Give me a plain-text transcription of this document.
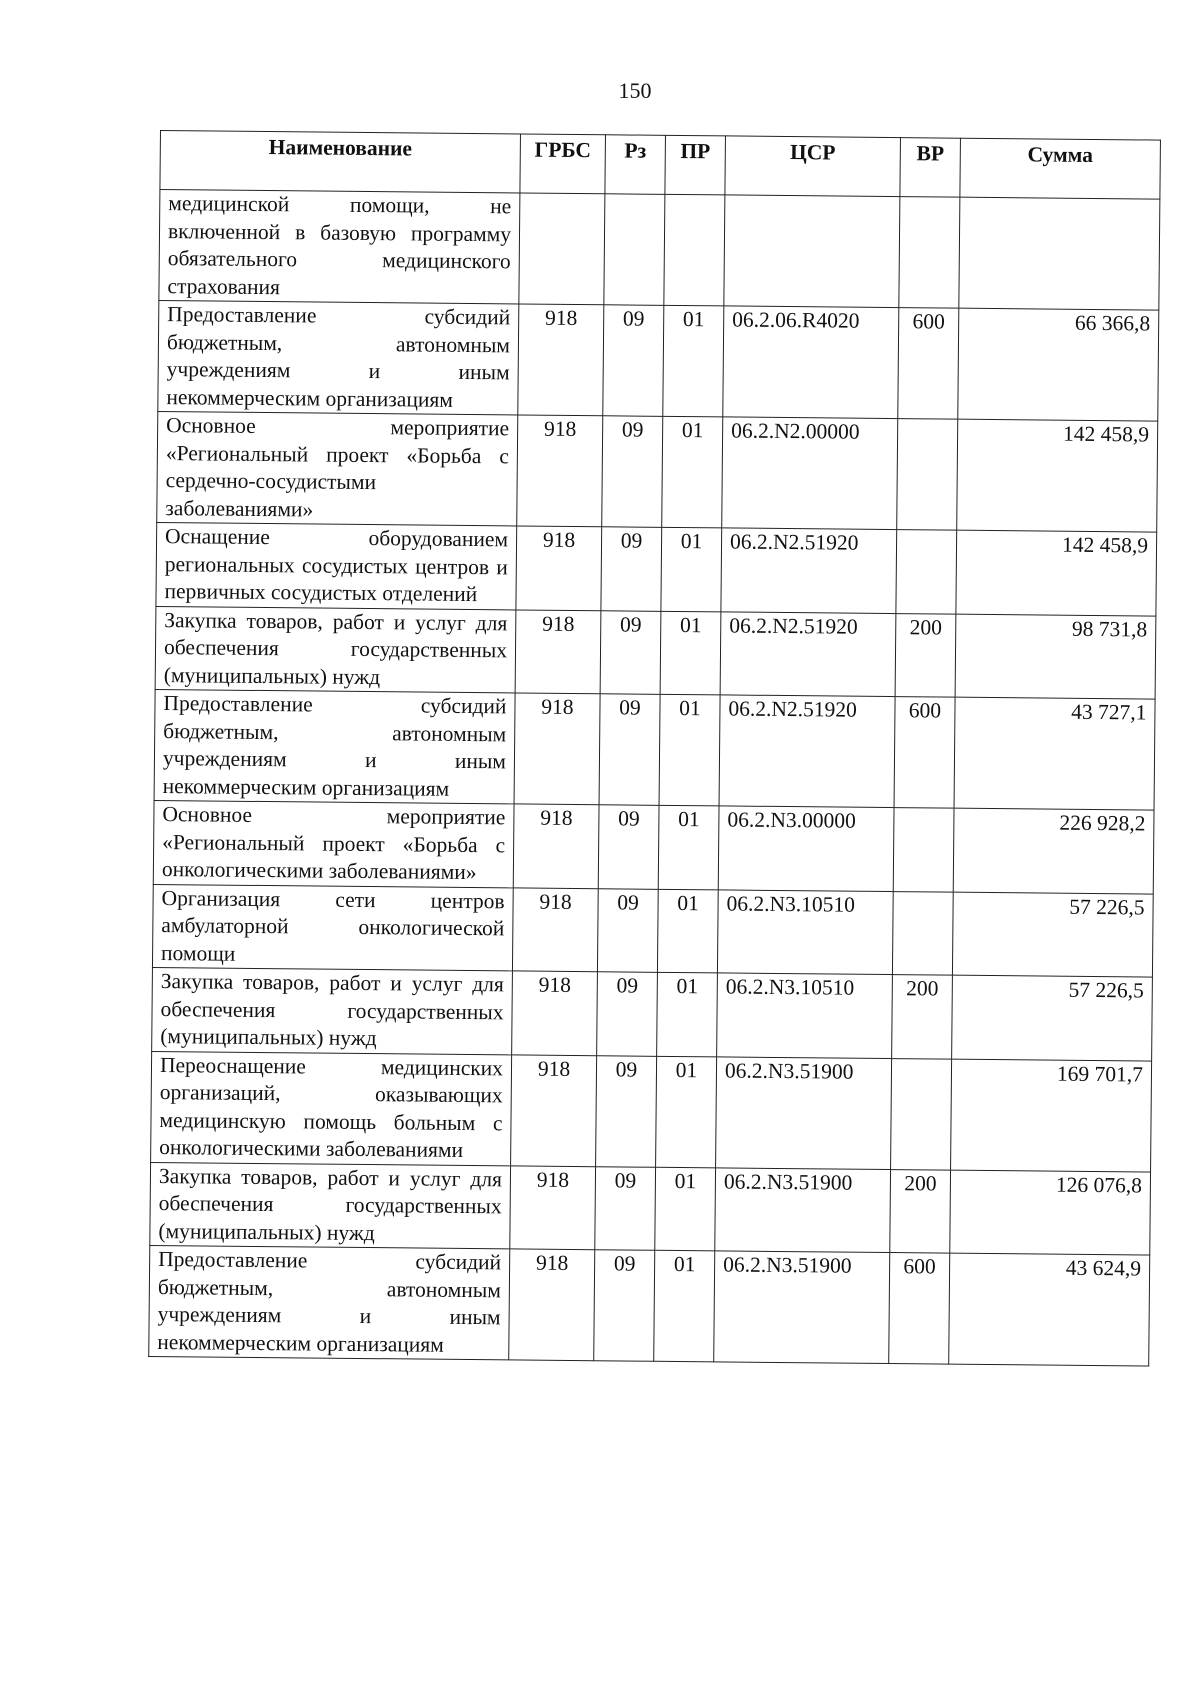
150
Наименование	ГРБС	Рз	ПР	ЦСР	ВР	Сумма
медицинской помощи, не включенной в базовую программу обязательного медицинского страхования						
Предоставление субсидий бюджетным, автономным учреждениям и иным некоммерческим организациям	918	09	01	06.2.06.R4020	600	66 366,8
Основное мероприятие «Региональный проект «Борьба с сердечно-сосудистыми заболеваниями»	918	09	01	06.2.N2.00000		142 458,9
Оснащение оборудованием региональных сосудистых центров и первичных сосудистых отделений	918	09	01	06.2.N2.51920		142 458,9
Закупка товаров, работ и услуг для обеспечения государственных (муниципальных) нужд	918	09	01	06.2.N2.51920	200	98 731,8
Предоставление субсидий бюджетным, автономным учреждениям и иным некоммерческим организациям	918	09	01	06.2.N2.51920	600	43 727,1
Основное мероприятие «Региональный проект «Борьба с онкологическими заболеваниями»	918	09	01	06.2.N3.00000		226 928,2
Организация сети центров амбулаторной онкологической помощи	918	09	01	06.2.N3.10510		57 226,5
Закупка товаров, работ и услуг для обеспечения государственных (муниципальных) нужд	918	09	01	06.2.N3.10510	200	57 226,5
Переоснащение медицинских организаций, оказывающих медицинскую помощь больным с онкологическими заболеваниями	918	09	01	06.2.N3.51900		169 701,7
Закупка товаров, работ и услуг для обеспечения государственных (муниципальных) нужд	918	09	01	06.2.N3.51900	200	126 076,8
Предоставление субсидий бюджетным, автономным учреждениям и иным некоммерческим организациям	918	09	01	06.2.N3.51900	600	43 624,9
